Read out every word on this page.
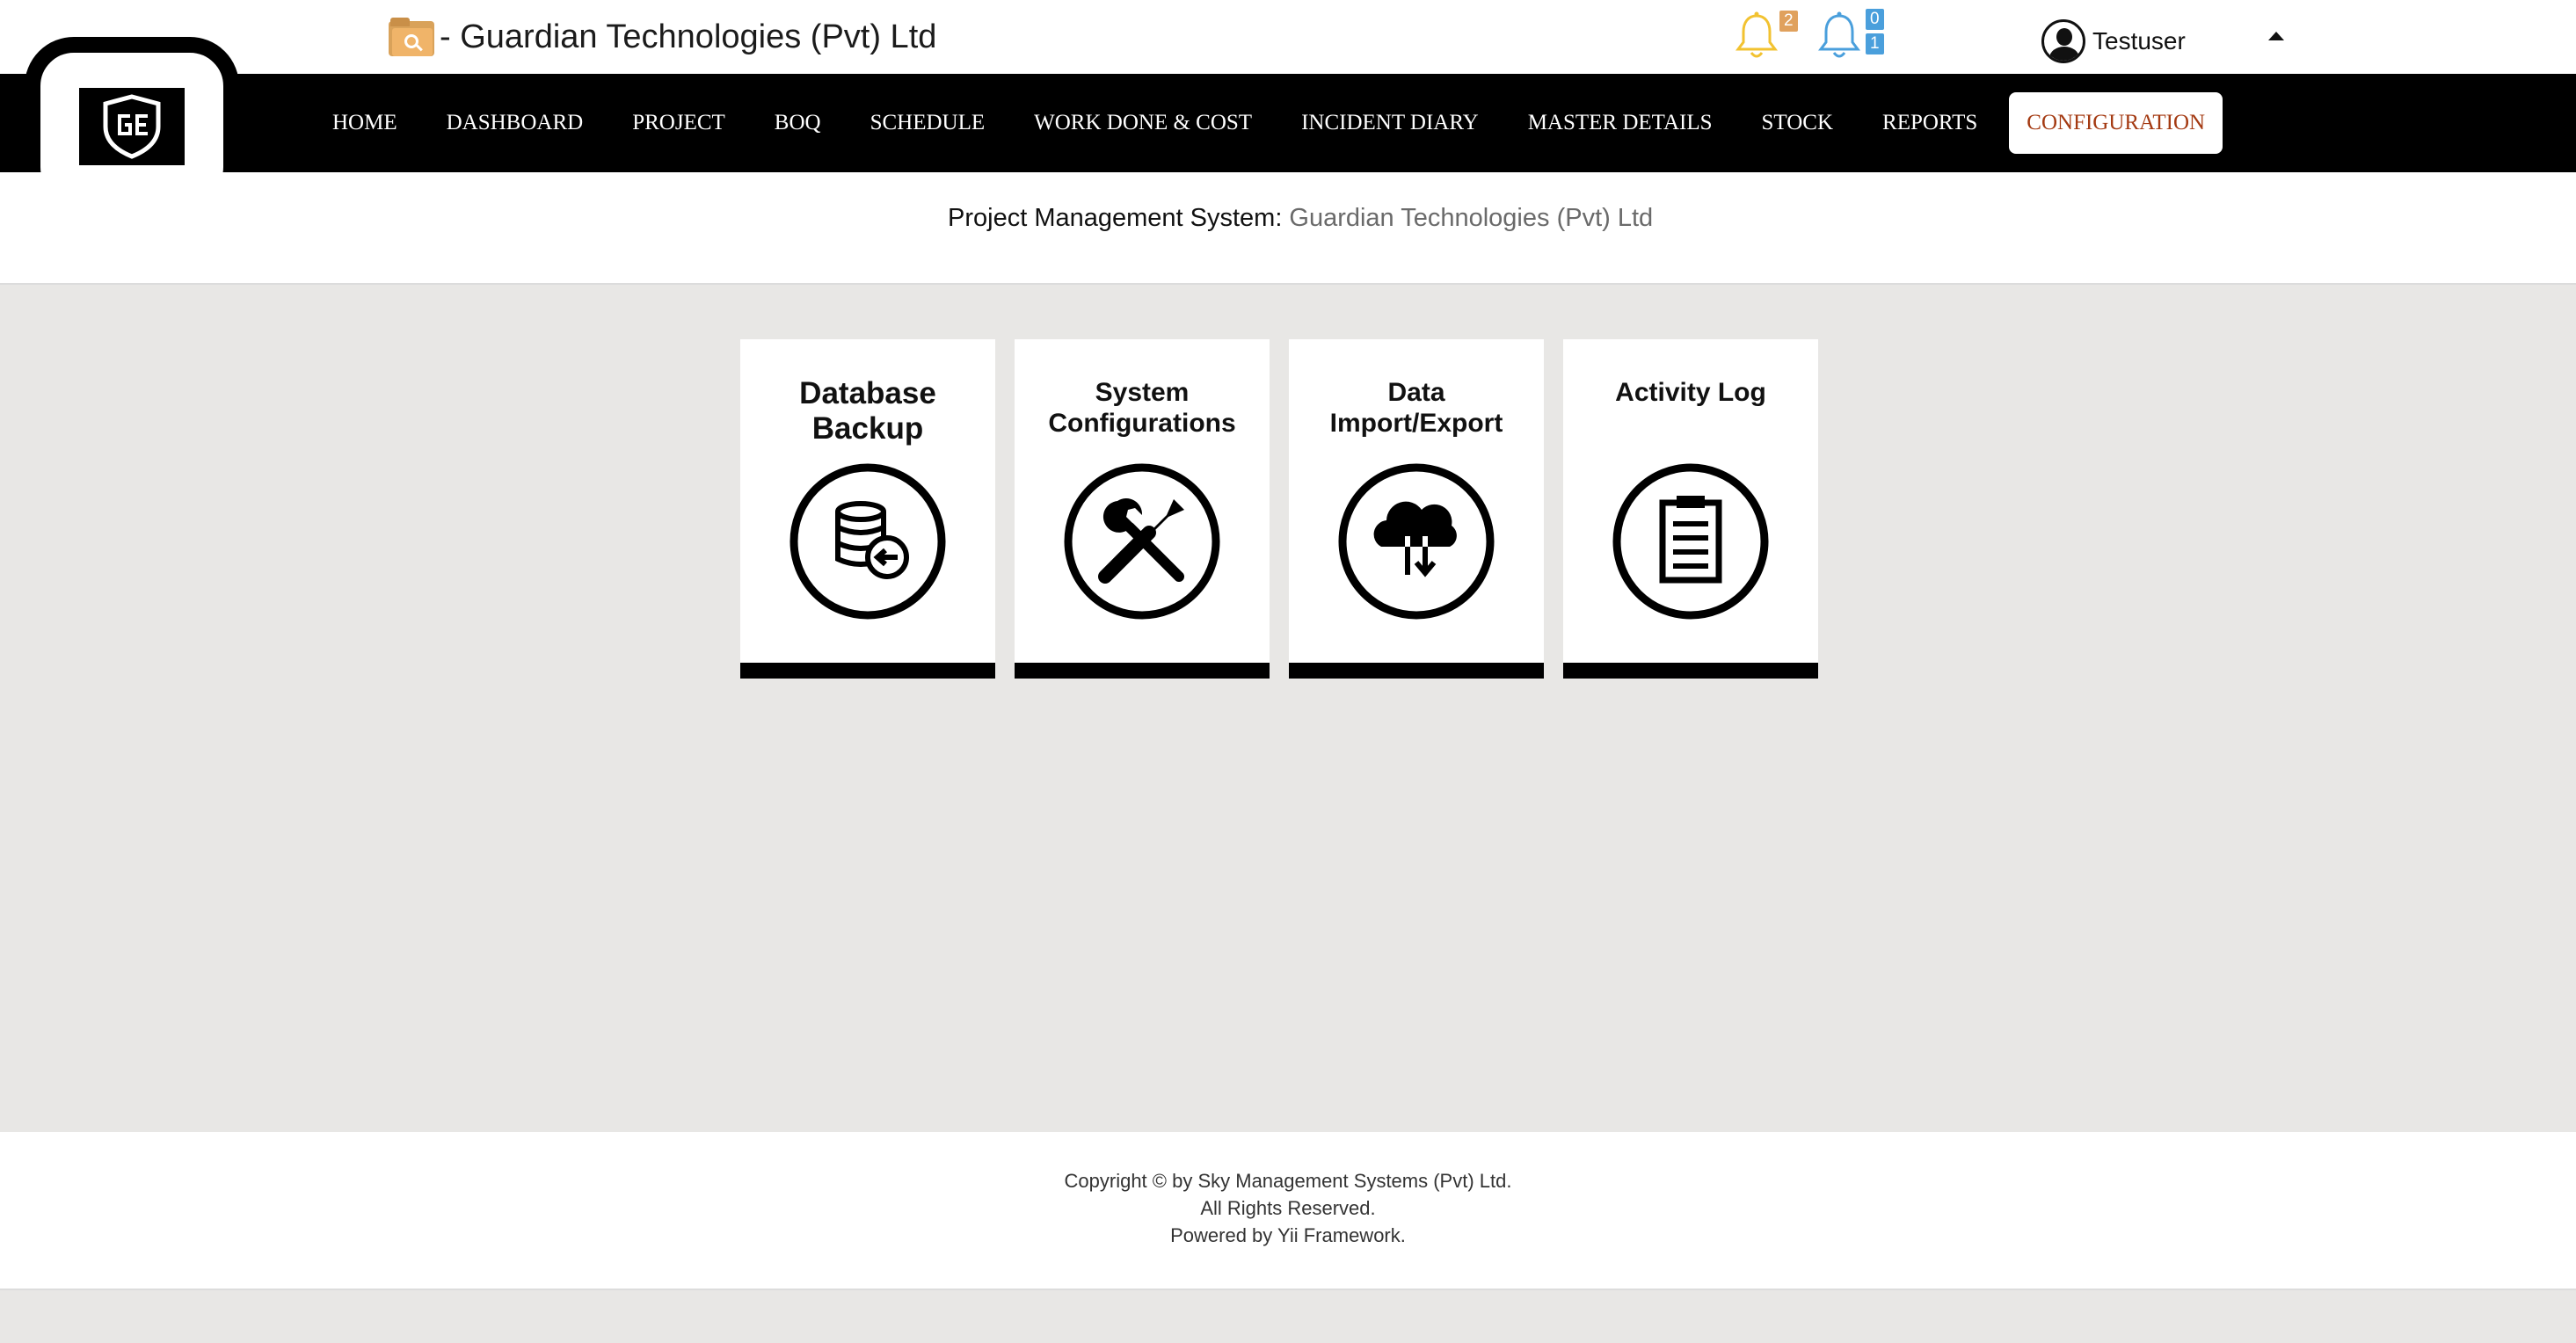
- Guardian Technologies (Pvt) Ltd	2	0
1	Testuser
HOME	DASHBOARD	PROJECT	BOQ	SCHEDULE	WORK DONE & COST	INCIDENT DIARY	MASTER DETAILS	STOCK	REPORTS	CONFIGURATION
Project Management System: Guardian Technologies (Pvt) Ltd
Database Backup
System Configurations
Data Import/Export
Activity Log
Copyright © by Sky Management Systems (Pvt) Ltd.
All Rights Reserved.
Powered by Yii Framework.
